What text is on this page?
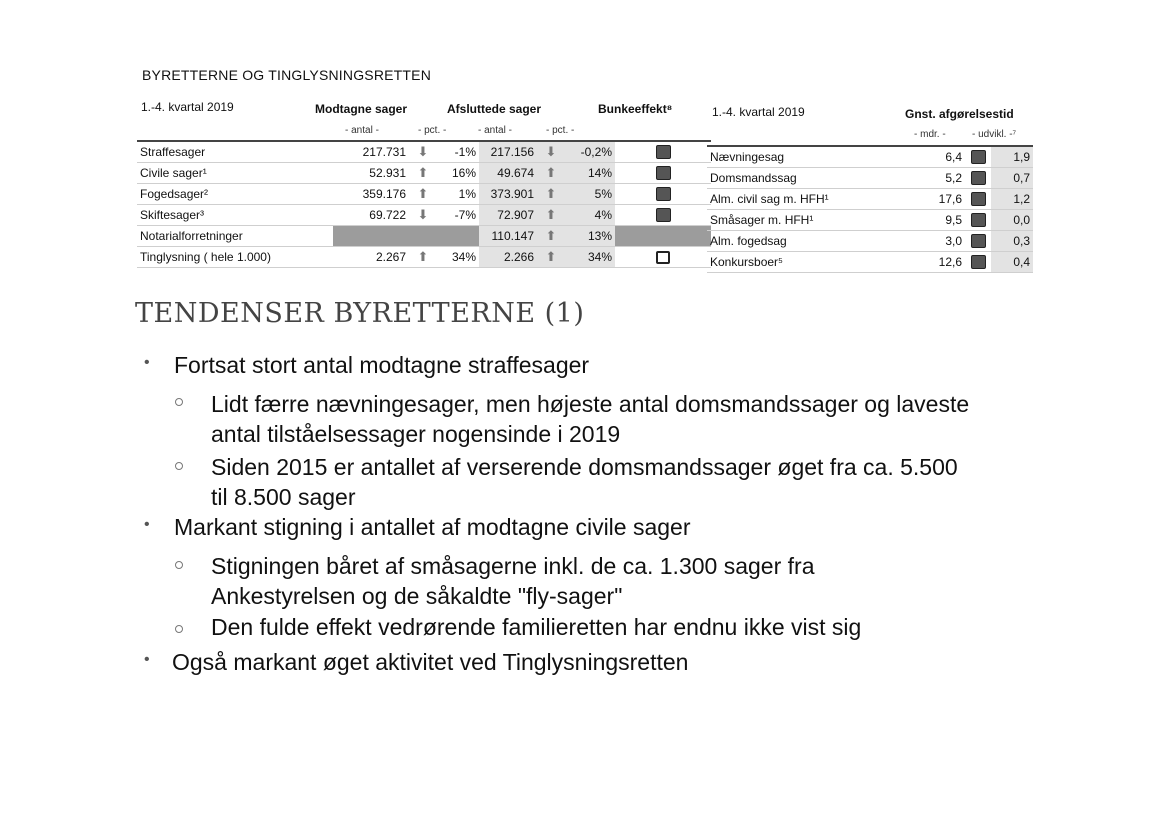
BYRETTERNE OG TINGLYSNINGSRETTEN
1.-4. kvartal 2019	Modtagne sager	Afsluttede sager	Bunkeeffekt⁸
- antal -	- pct. -	- antal -	- pct. -
Straffesager	217.731	⬇	-1%	217.156	⬇	-0,2%	
Civile sager¹	52.931	⬆	16%	49.674	⬆	14%	
Fogedsager²	359.176	⬆	1%	373.901	⬆	5%	
Skiftesager³	69.722	⬇	-7%	72.907	⬆	4%	
Notarialforretninger				110.147	⬆	13%	
Tinglysning ( hele 1.000)	2.267	⬆	34%	2.266	⬆	34%	
1.-4. kvartal 2019	Gnst. afgørelsestid
- mdr. -	- udvikl. -⁷
Nævningesag	6,4		1,9
Domsmandssag	5,2		0,7
Alm. civil sag m. HFH¹	17,6		1,2
Småsager m. HFH¹	9,5		0,0
Alm. fogedsag	3,0		0,3
Konkursboer⁵	12,6		0,4
TENDENSER BYRETTERNE (1)
• Fortsat stort antal modtagne straffesager
Lidt færre nævningesager, men højeste antal domsmandssager og laveste antal tilståelsessager nogensinde i 2019
Siden 2015 er antallet af verserende domsmandssager øget fra ca. 5.500 til 8.500 sager
• Markant stigning i antallet af modtagne civile sager
Stigningen båret af småsagerne inkl. de ca. 1.300 sager fra Ankestyrelsen og de såkaldte "fly-sager"
Den fulde effekt vedrørende familieretten har endnu ikke vist sig
• Også markant øget aktivitet ved Tinglysningsretten
